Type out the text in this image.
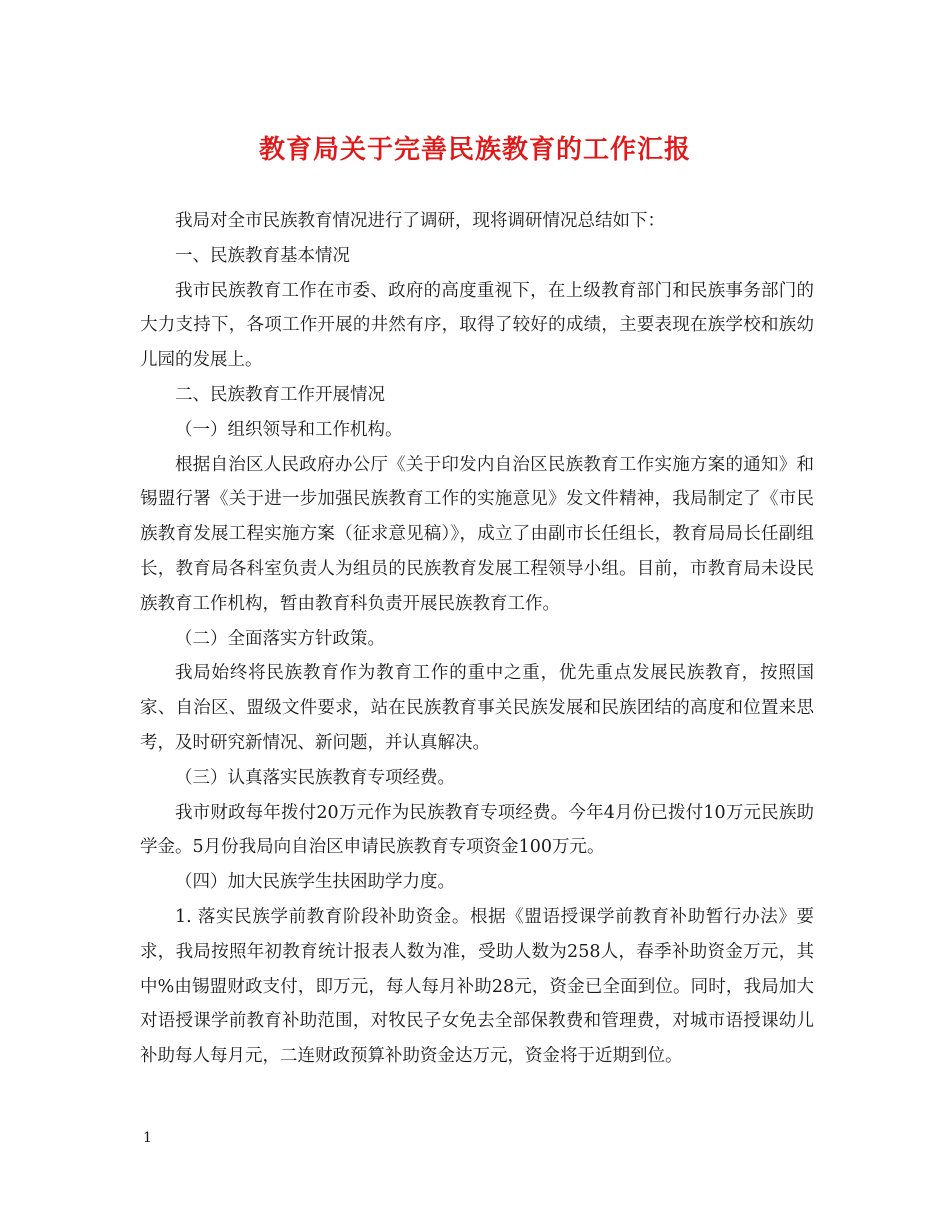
教育局关于完善民族教育的工作汇报

我局对全市民族教育情况进行了调研，现将调研情况总结如下：

一、民族教育基本情况

我市民族教育工作在市委、政府的高度重视下，在上级教育部门和民族事务部门的大力支持下，各项工作开展的井然有序，取得了较好的成绩，主要表现在族学校和族幼儿园的发展上。

二、民族教育工作开展情况

（一）组织领导和工作机构。

根据自治区人民政府办公厅《关于印发内自治区民族教育工作实施方案的通知》和锡盟行署《关于进一步加强民族教育工作的实施意见》发文件精神，我局制定了《市民族教育发展工程实施方案（征求意见稿）》，成立了由副市长任组长，教育局局长任副组长，教育局各科室负责人为组员的民族教育发展工程领导小组。目前，市教育局未设民族教育工作机构，暂由教育科负责开展民族教育工作。

（二）全面落实方针政策。

我局始终将民族教育作为教育工作的重中之重，优先重点发展民族教育，按照国家、自治区、盟级文件要求，站在民族教育事关民族发展和民族团结的高度和位置来思考，及时研究新情况、新问题，并认真解决。

（三）认真落实民族教育专项经费。

我市财政每年拨付20万元作为民族教育专项经费。今年4月份已拨付10万元民族助学金。5月份我局向自治区申请民族教育专项资金100万元。

（四）加大民族学生扶困助学力度。

1. 落实民族学前教育阶段补助资金。根据《盟语授课学前教育补助暂行办法》要求，我局按照年初教育统计报表人数为准，受助人数为258人，春季补助资金万元，其中%由锡盟财政支付，即万元，每人每月补助28元，资金已全面到位。同时，我局加大对语授课学前教育补助范围，对牧民子女免去全部保教费和管理费，对城市语授课幼儿补助每人每月元，二连财政预算补助资金达万元，资金将于近期到位。

1
